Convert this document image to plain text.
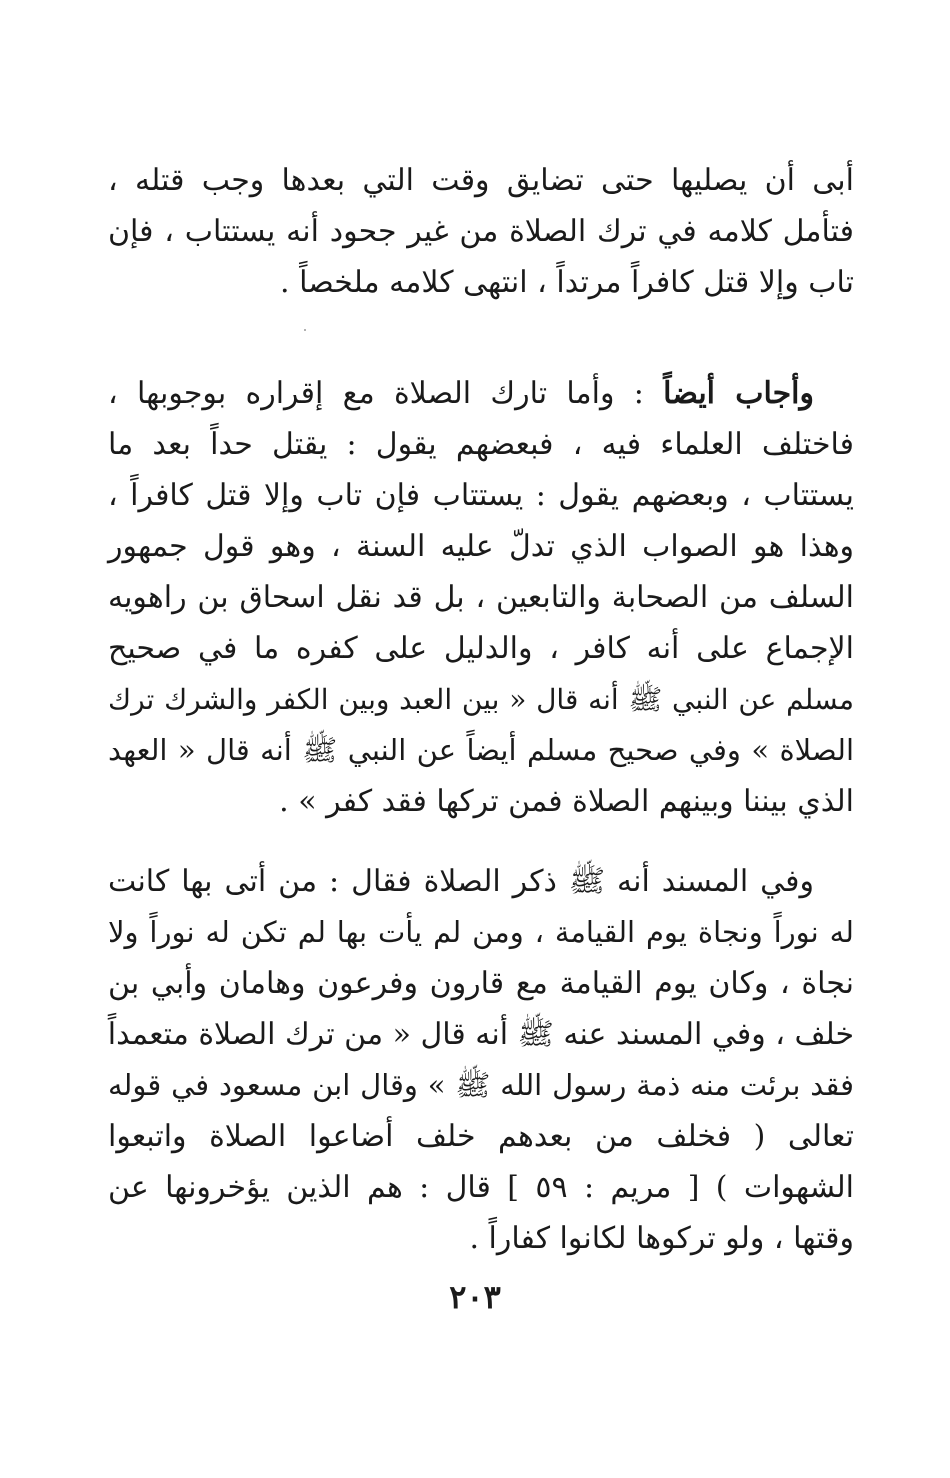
أبى أن يصليها حتى تضايق وقت التي بعدها وجب قتله ،
فتأمل كلامه في ترك الصلاة من غير جحود أنه يستتاب ، فإن
تاب وإلا قتل كافراً مرتداً ، انتهى كلامه ملخصاً .
وأجاب أيضاً : وأما تارك الصلاة مع إقراره بوجوبها ،
فاختلف العلماء فيه ، فبعضهم يقول : يقتل حداً بعد ما
يستتاب ، وبعضهم يقول : يستتاب فإن تاب وإلا قتل كافراً ،
وهذا هو الصواب الذي تدلّ عليه السنة ، وهو قول جمهور
السلف من الصحابة والتابعين ، بل قد نقل اسحاق بن راهويه
الإجماع على أنه كافر ، والدليل على كفره ما في صحيح
مسلم عن النبي ﷺ أنه قال « بين العبد وبين الكفر والشرك ترك
الصلاة » وفي صحيح مسلم أيضاً عن النبي ﷺ أنه قال « العهد
الذي بيننا وبينهم الصلاة فمن تركها فقد كفر » .
وفي المسند أنه ﷺ ذكر الصلاة فقال : من أتى بها كانت
له نوراً ونجاة يوم القيامة ، ومن لم يأت بها لم تكن له نوراً ولا
نجاة ، وكان يوم القيامة مع قارون وفرعون وهامان وأبي بن
خلف ، وفي المسند عنه ﷺ أنه قال « من ترك الصلاة متعمداً
فقد برئت منه ذمة رسول الله ﷺ » وقال ابن مسعود في قوله
تعالى ( فخلف من بعدهم خلف أضاعوا الصلاة واتبعوا
الشهوات ) [ مريم : ٥٩ ] قال : هم الذين يؤخرونها عن
وقتها ، ولو تركوها لكانوا كفاراً .
٢٠٣
